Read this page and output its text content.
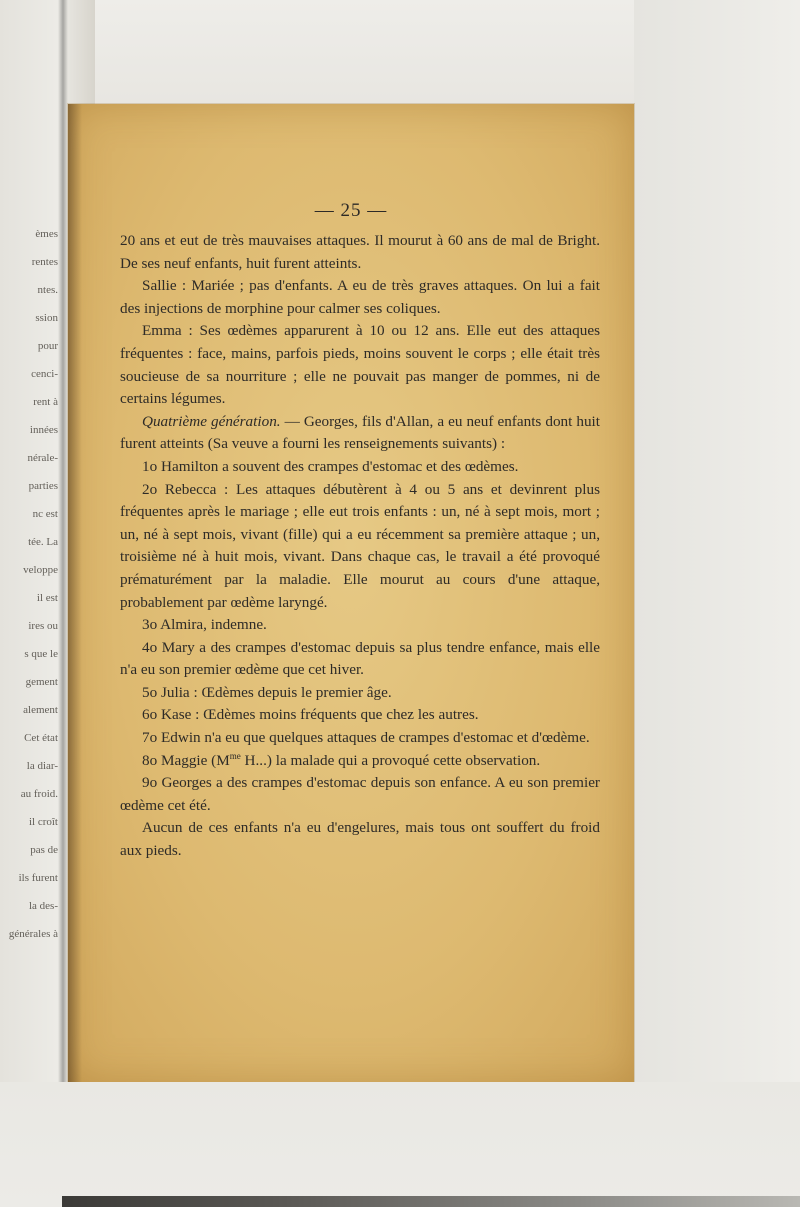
èmes
rentes
ntes.
ssion
pour
cenci-
rent à
innées
nérale-
parties
nc est
tée. La
veloppe
il est
ires ou
s que le
gement
alement
Cet état
la diar-
au froid.
il croît
pas de
ils furent
la des-
générales à
— 25 —

20 ans et eut de très mauvaises attaques. Il mourut à 60 ans de mal de Bright. De ses neuf enfants, huit furent atteints.

Sallie : Mariée ; pas d'enfants. A eu de très graves attaques. On lui a fait des injections de morphine pour calmer ses coliques.

Emma : Ses œdèmes apparurent à 10 ou 12 ans. Elle eut des attaques fréquentes : face, mains, parfois pieds, moins souvent le corps ; elle était très soucieuse de sa nourriture ; elle ne pouvait pas manger de pommes, ni de certains légumes.

Quatrième génération. — Georges, fils d'Allan, a eu neuf enfants dont huit furent atteints (Sa veuve a fourni les renseignements suivants) :

1o Hamilton a souvent des crampes d'estomac et des œdèmes.

2o Rebecca : Les attaques débutèrent à 4 ou 5 ans et devinrent plus fréquentes après le mariage ; elle eut trois enfants : un, né à sept mois, mort ; un, né à sept mois, vivant (fille) qui a eu récemment sa première attaque ; un, troisième né à huit mois, vivant. Dans chaque cas, le travail a été provoqué prématurément par la maladie. Elle mourut au cours d'une attaque, probablement par œdème laryngé.

3o Almira, indemne.

4o Mary a des crampes d'estomac depuis sa plus tendre enfance, mais elle n'a eu son premier œdème que cet hiver.

5o Julia : Œdèmes depuis le premier âge.

6o Kase : Œdèmes moins fréquents que chez les autres.

7o Edwin n'a eu que quelques attaques de crampes d'estomac et d'œdème.

8o Maggie ($M^{me}$ H...) la malade qui a provoqué cette observation.

9o Georges a des crampes d'estomac depuis son enfance. A eu son premier œdème cet été.

Aucun de ces enfants n'a eu d'engelures, mais tous ont souffert du froid aux pieds.
